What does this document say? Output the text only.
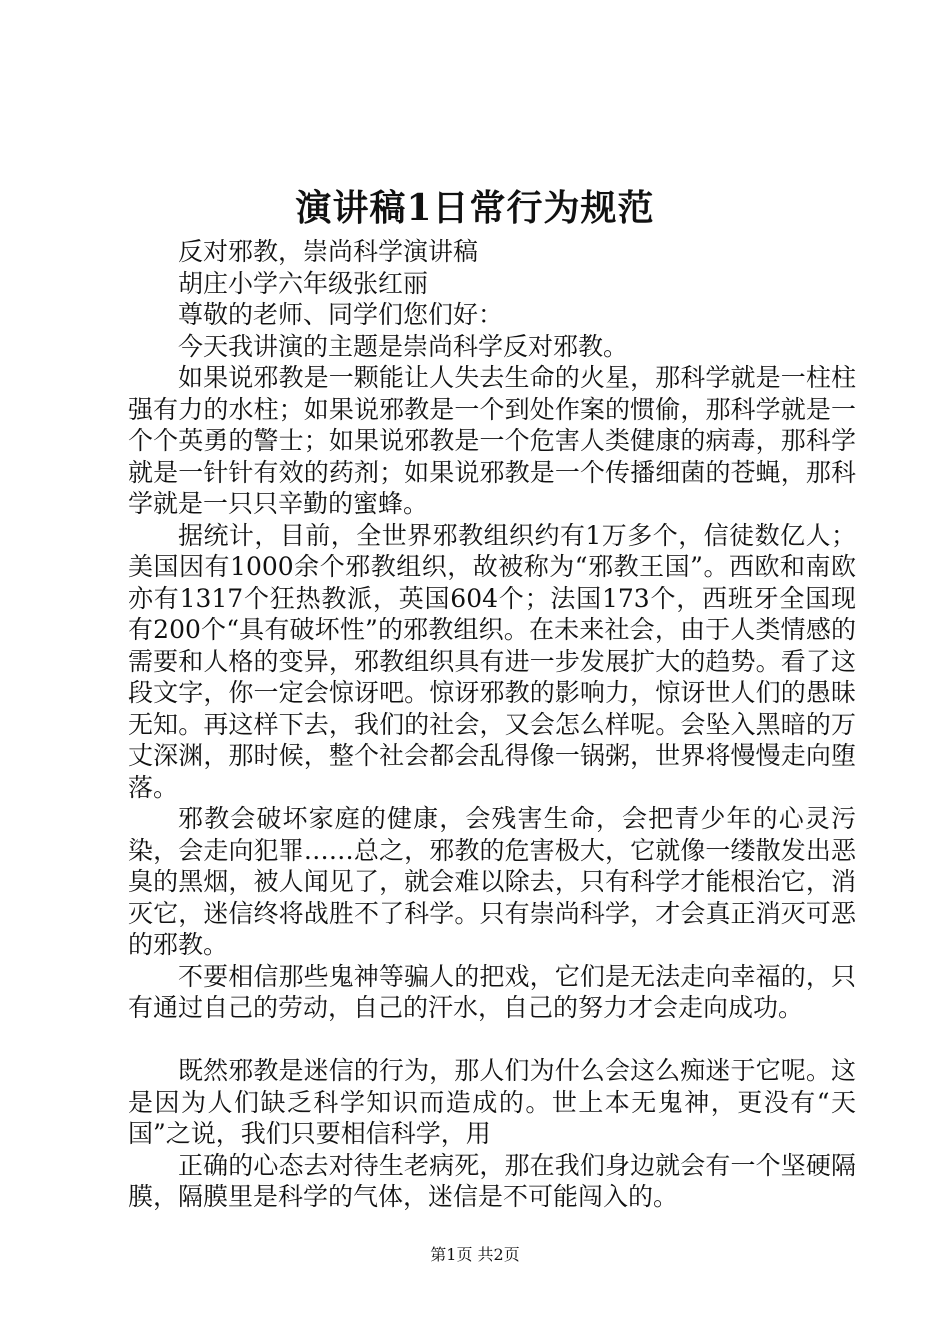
演讲稿1日常行为规范

反对邪教，崇尚科学演讲稿

胡庄小学六年级张红丽

尊敬的老师、同学们您们好：

今天我讲演的主题是崇尚科学反对邪教。

如果说邪教是一颗能让人失去生命的火星，那科学就是一柱柱强有力的水柱；如果说邪教是一个到处作案的惯偷，那科学就是一个个英勇的警士；如果说邪教是一个危害人类健康的病毒，那科学就是一针针有效的药剂；如果说邪教是一个传播细菌的苍蝇，那科学就是一只只辛勤的蜜蜂。

据统计，目前，全世界邪教组织约有1万多个，信徒数亿人；美国因有1000余个邪教组织，故被称为“邪教王国”。西欧和南欧亦有1317个狂热教派，英国604个；法国173个，西班牙全国现有200个“具有破坏性”的邪教组织。在未来社会，由于人类情感的需要和人格的变异，邪教组织具有进一步发展扩大的趋势。看了这段文字，你一定会惊讶吧。惊讶邪教的影响力，惊讶世人们的愚昧无知。再这样下去，我们的社会，又会怎么样呢。会坠入黑暗的万丈深渊，那时候，整个社会都会乱得像一锅粥，世界将慢慢走向堕落。

邪教会破坏家庭的健康，会残害生命，会把青少年的心灵污染，会走向犯罪……总之，邪教的危害极大，它就像一缕散发出恶臭的黑烟，被人闻见了，就会难以除去，只有科学才能根治它，消灭它，迷信终将战胜不了科学。只有崇尚科学，才会真正消灭可恶的邪教。

不要相信那些鬼神等骗人的把戏，它们是无法走向幸福的，只有通过自己的劳动，自己的汗水，自己的努力才会走向成功。

既然邪教是迷信的行为，那人们为什么会这么痴迷于它呢。这是因为人们缺乏科学知识而造成的。世上本无鬼神，更没有“天国”之说，我们只要相信科学，用

正确的心态去对待生老病死，那在我们身边就会有一个坚硬隔膜，隔膜里是科学的气体，迷信是不可能闯入的。

第1页 共2页
